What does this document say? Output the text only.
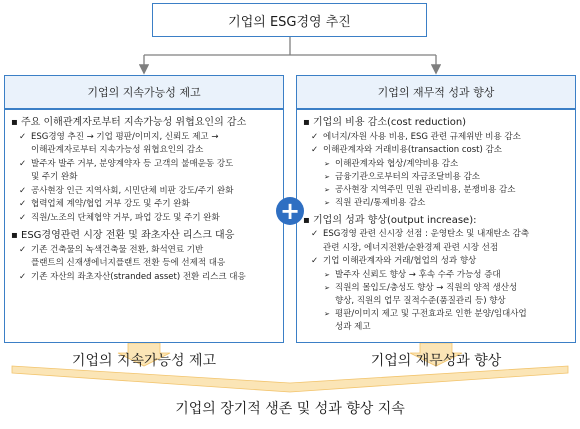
기업의 ESG경영 추진
기업의 지속가능성 제고
▪ 주요 이해관계자로부터 지속가능성 위협요인의 감소
✓ ESG경영 추진 → 기업 평판/이미지, 신뢰도 제고 →
이해관계자로부터 지속가능성 위협요인의 감소
✓ 발주자 발주 거부, 분양계약자 등 고객의 불매운동 강도
및 주기 완화
✓ 공사현장 인근 지역사회, 시민단체 비판 강도/주기 완화
✓ 협력업체 계약/협업 거부 강도 및 주기 완화
✓ 직원/노조의 단체협약 거부, 파업 강도 및 주기 완화
▪ ESG경영관련 시장 전환 및 좌초자산 리스크 대응
✓ 기존 건축물의 녹색건축물 전환, 화석연료 기반
플랜트의 신재생에너지플랜트 전환 등에 선제적 대응
✓ 기존 자산의 좌초자산(stranded asset) 전환 리스크 대응
기업의 재무적 성과 향상
▪ 기업의 비용 감소(cost reduction)
✓ 에너지/자원 사용 비용, ESG 관련 규제위반 비용 감소
✓ 이해관계자와 거래비용(transaction cost) 감소
➢ 이해관계자와 협상/계약비용 감소
➢ 금융기관으로부터의 자금조달비용 감소
➢ 공사현장 지역주민 민원 관리비용, 분쟁비용 감소
➢ 직원 관리/통제비용 감소
▪ 기업의 성과 향상(output increase):
✓ ESG경영 관련 신시장 선점 : 운영탄소 및 내재탄소 감축
관련 시장, 에너지전환/순환경제 관련 시장 선점
✓ 기업 이해관계자와 거래/협업의 성과 향상
➢ 발주자 신뢰도 향상 → 후속 수주 가능성 증대
➢ 직원의 몰입도/충성도 향상 → 직원의 양적 생산성
향상, 직원의 업무 질적수준(품질관리 등) 향상
➢ 평판/이미지 제고 및 구전효과로 인한 분양/임대사업
성과 제고
+
기업의 지속가능성 제고	기업의 재무성과 향상
기업의 장기적 생존 및 성과 향상 지속
